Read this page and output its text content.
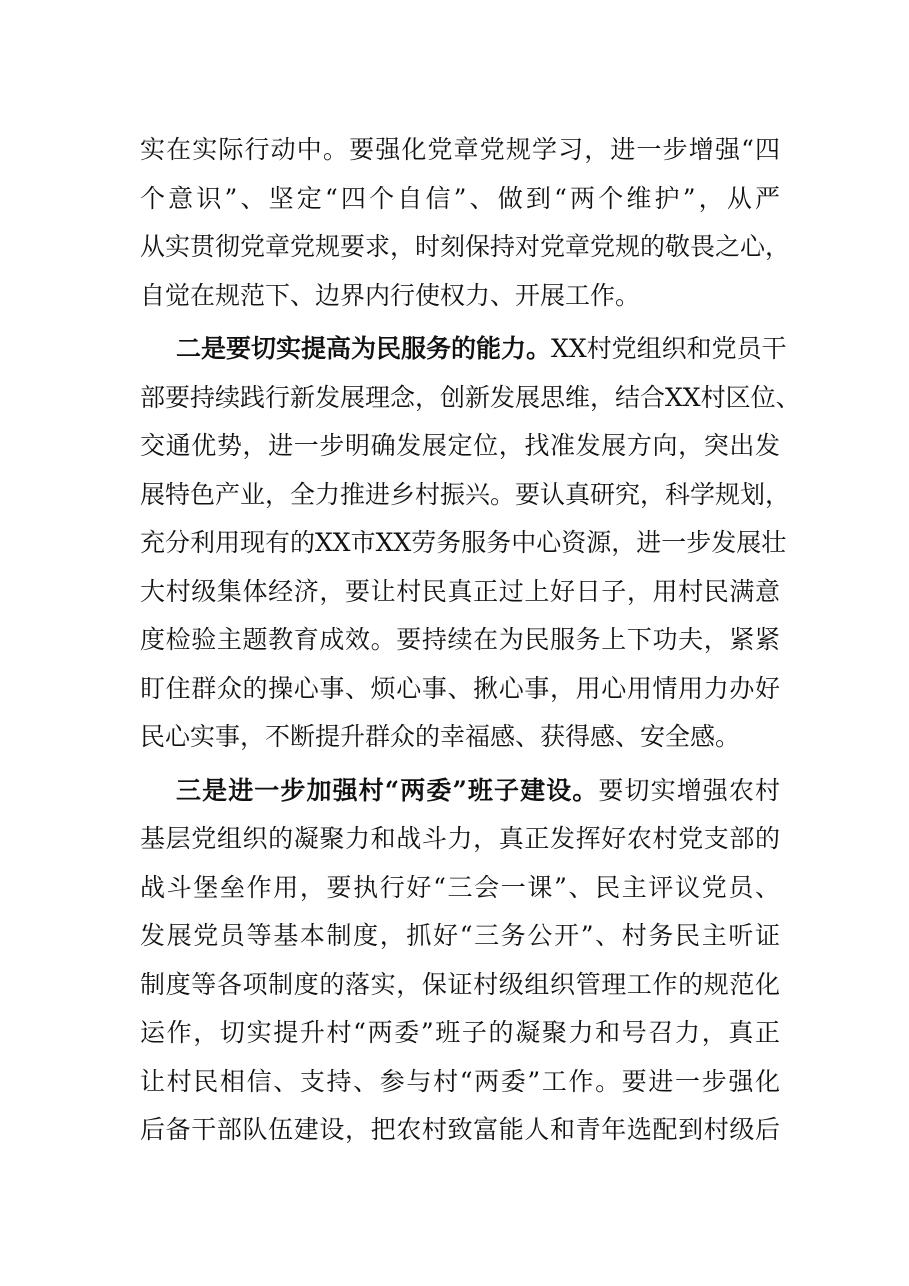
实在实际行动中。要强化党章党规学习，进一步增强“四
个意识”、坚定“四个自信”、做到“两个维护”，从严
从实贯彻党章党规要求，时刻保持对党章党规的敬畏之心，
自觉在规范下、边界内行使权力、开展工作。
二是要切实提高为民服务的能力。XX村党组织和党员干
部要持续践行新发展理念，创新发展思维，结合XX村区位、
交通优势，进一步明确发展定位，找准发展方向，突出发
展特色产业，全力推进乡村振兴。要认真研究，科学规划，
充分利用现有的XX市XX劳务服务中心资源，进一步发展壮
大村级集体经济，要让村民真正过上好日子，用村民满意
度检验主题教育成效。要持续在为民服务上下功夫，紧紧
盯住群众的操心事、烦心事、揪心事，用心用情用力办好
民心实事，不断提升群众的幸福感、获得感、安全感。
三是进一步加强村“两委”班子建设。要切实增强农村
基层党组织的凝聚力和战斗力，真正发挥好农村党支部的
战斗堡垒作用，要执行好“三会一课”、民主评议党员、
发展党员等基本制度，抓好“三务公开”、村务民主听证
制度等各项制度的落实，保证村级组织管理工作的规范化
运作，切实提升村“两委”班子的凝聚力和号召力，真正
让村民相信、支持、参与村“两委”工作。要进一步强化
后备干部队伍建设，把农村致富能人和青年选配到村级后
